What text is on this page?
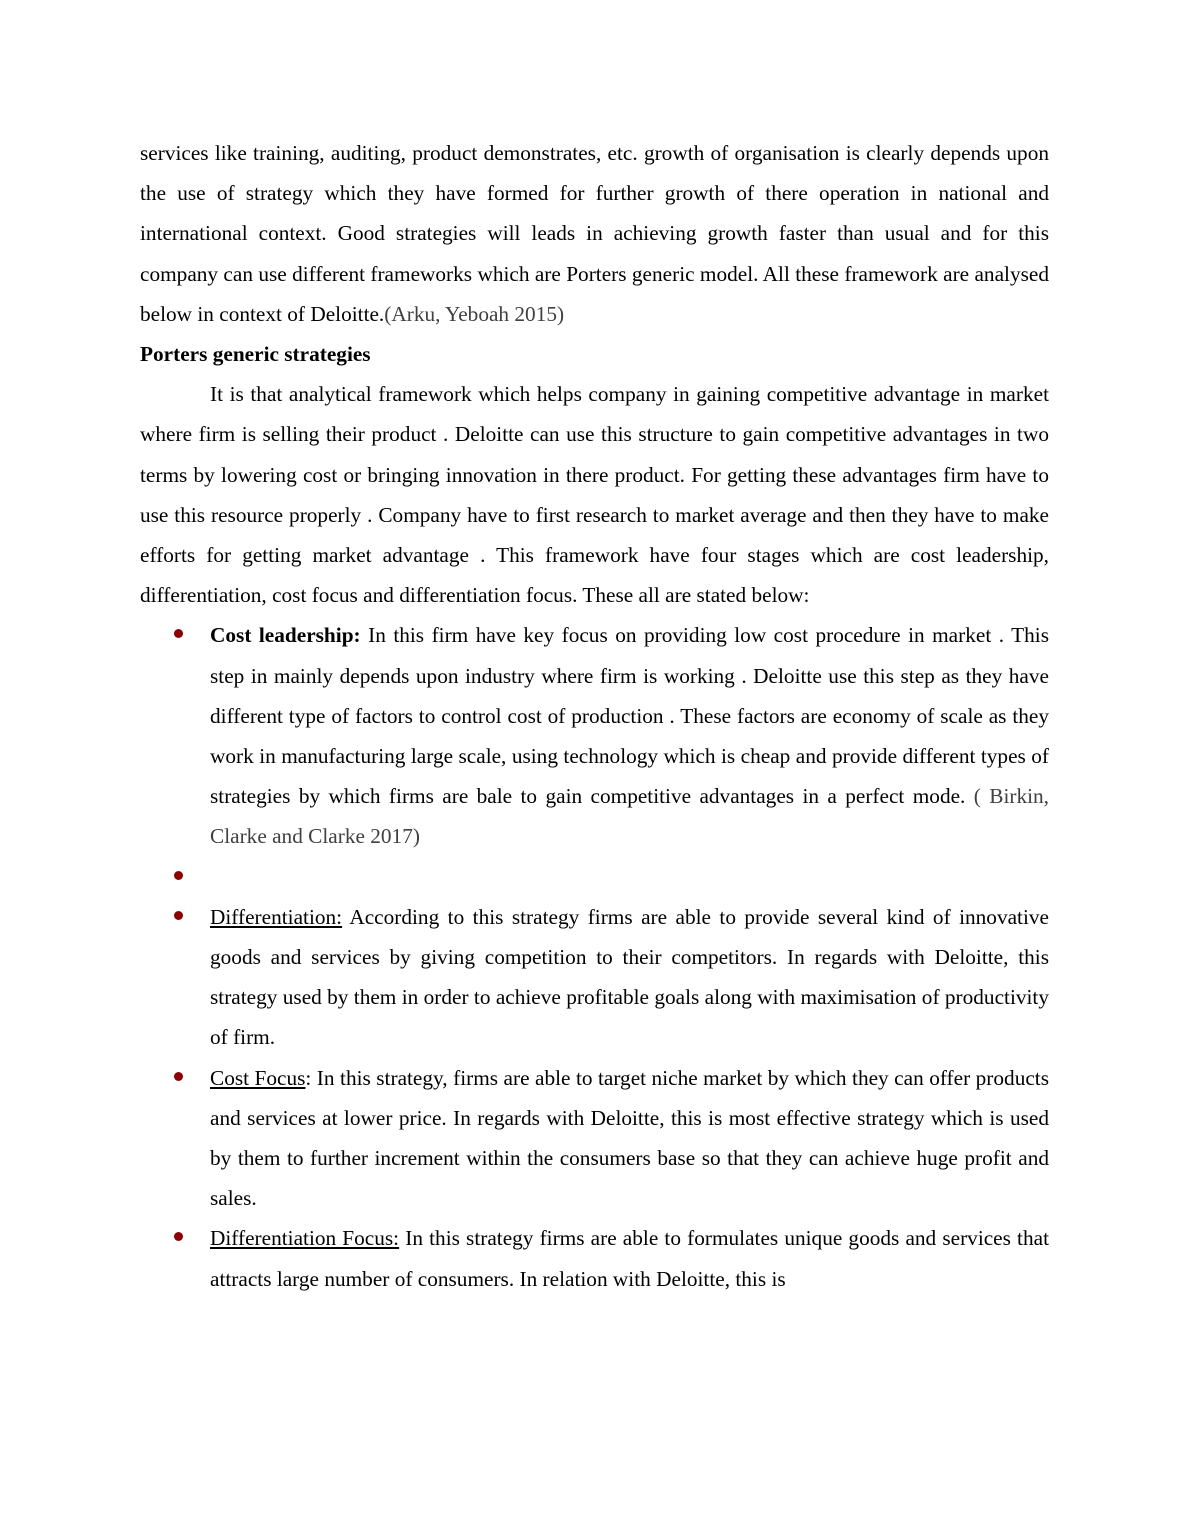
services like training, auditing, product demonstrates, etc. growth of organisation is clearly depends upon the use of strategy which they have formed for further growth of there operation in national and international context. Good strategies will leads in achieving growth faster than usual and for this company can use different frameworks which are Porters generic model. All these framework are analysed below in context of Deloitte.(Arku, Yeboah 2015)

Porters generic strategies

It is that analytical framework which helps company in gaining competitive advantage in market where firm is selling their product . Deloitte can use this structure to gain competitive advantages in two terms by lowering cost or bringing innovation in there product. For getting these advantages firm have to use this resource properly . Company have to first research to market average and then they have to make efforts for getting market advantage . This framework have four stages which are cost leadership, differentiation, cost focus and differentiation focus. These all are stated below:

Cost leadership: In this firm have key focus on providing low cost procedure in market . This step in mainly depends upon industry where firm is working . Deloitte use this step as they have different type of factors to control cost of production . These factors are economy of scale as they work in manufacturing large scale, using technology which is cheap and provide different types of strategies by which firms are bale to gain competitive advantages in a perfect mode. ( Birkin, Clarke and Clarke 2017)
Differentiation: According to this strategy firms are able to provide several kind of innovative goods and services by giving competition to their competitors. In regards with Deloitte, this strategy used by them in order to achieve profitable goals along with maximisation of productivity of firm.
Cost Focus: In this strategy, firms are able to target niche market by which they can offer products and services at lower price. In regards with Deloitte, this is most effective strategy which is used by them to further increment within the consumers base so that they can achieve huge profit and sales.
Differentiation Focus: In this strategy firms are able to formulates unique goods and services that attracts large number of consumers. In relation with Deloitte, this is
